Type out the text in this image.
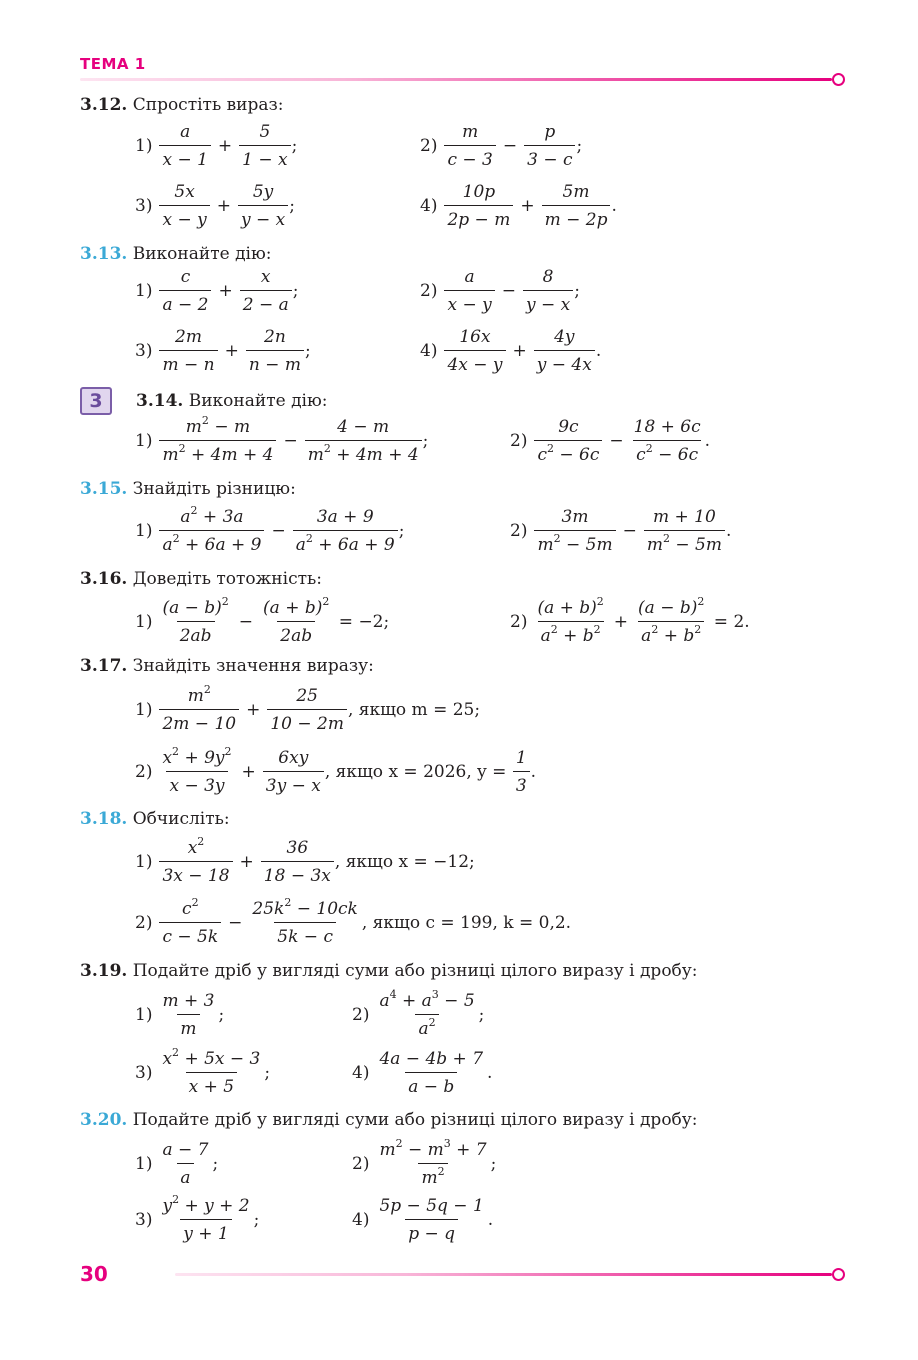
ТЕМА 1
3
3.12. Спростіть вираз:
$1) \frac{a}{x - 1} + \frac{5}{1 - x}$ ;	$2) \frac{m}{c - 3} - \frac{p}{3 - c}$ ;
$3) \frac{5x}{x - y} + \frac{5y}{y - x}$ ;	$4) \frac{10p}{2p - m} + \frac{5m}{m - 2p}$ .
3.13. Виконайте дію:
$1) \frac{c}{a - 2} + \frac{x}{2 - a}$ ;	$2) \frac{a}{x - y} - \frac{8}{y - x}$ ;
$3) \frac{2m}{m - n} + \frac{2n}{n - m}$ ;	$4) \frac{16x}{4x - y} + \frac{4y}{y - 4x}$ .
3.14. Виконайте дію:
$1) \frac{m^2 - m}{m^2 + 4m + 4} - \frac{4 - m}{m^2 + 4m + 4}$ ;	$2) \frac{9c}{c^2 - 6c} - \frac{18 + 6c}{c^2 - 6c}$ .
3.15. Знайдіть різницю:
$1) \frac{a^2 + 3a}{a^2 + 6a + 9} - \frac{3a + 9}{a^2 + 6a + 9}$ ;	$2) \frac{3m}{m^2 - 5m} - \frac{m + 10}{m^2 - 5m}$ .
3.16. Доведіть тотожність:
$1) \frac{(a - b)^2}{2ab} - \frac{(a + b)^2}{2ab} = -2$;	$2) \frac{(a + b)^2}{a^2 + b^2} + \frac{(a - b)^2}{a^2 + b^2} = 2$.
3.17. Знайдіть значення виразу:
$1) \frac{m^2}{2m - 10} + \frac{25}{10 - 2m}$ , якщо m = 25;
$2) \frac{x^2 + 9y^2}{x - 3y} + \frac{6xy}{3y - x}$ , якщо x = 2026, $y = \frac{1}{3}$ .
3.18. Обчисліть:
$1) \frac{x^2}{3x - 18} + \frac{36}{18 - 3x}$ , якщо x = −12;
$2) \frac{c^2}{c - 5k} - \frac{25k^2 - 10ck}{5k - c}$ , якщо c = 199, k = 0,2.
3.19. Подайте дріб у вигляді суми або різниці цілого виразу і дробу:
$1) \frac{m + 3}{m}$ ;	$2) \frac{a^4 + a^3 - 5}{a^2}$ ;
$3) \frac{x^2 + 5x - 3}{x + 5}$ ;	$4) \frac{4a - 4b + 7}{a - b}$ .
3.20. Подайте дріб у вигляді суми або різниці цілого виразу і дробу:
$1) \frac{a - 7}{a}$ ;	$2) \frac{m^2 - m^3 + 7}{m^2}$ ;
$3) \frac{y^2 + y + 2}{y + 1}$ ;	$4) \frac{5p - 5q - 1}{p - q}$ .
30
